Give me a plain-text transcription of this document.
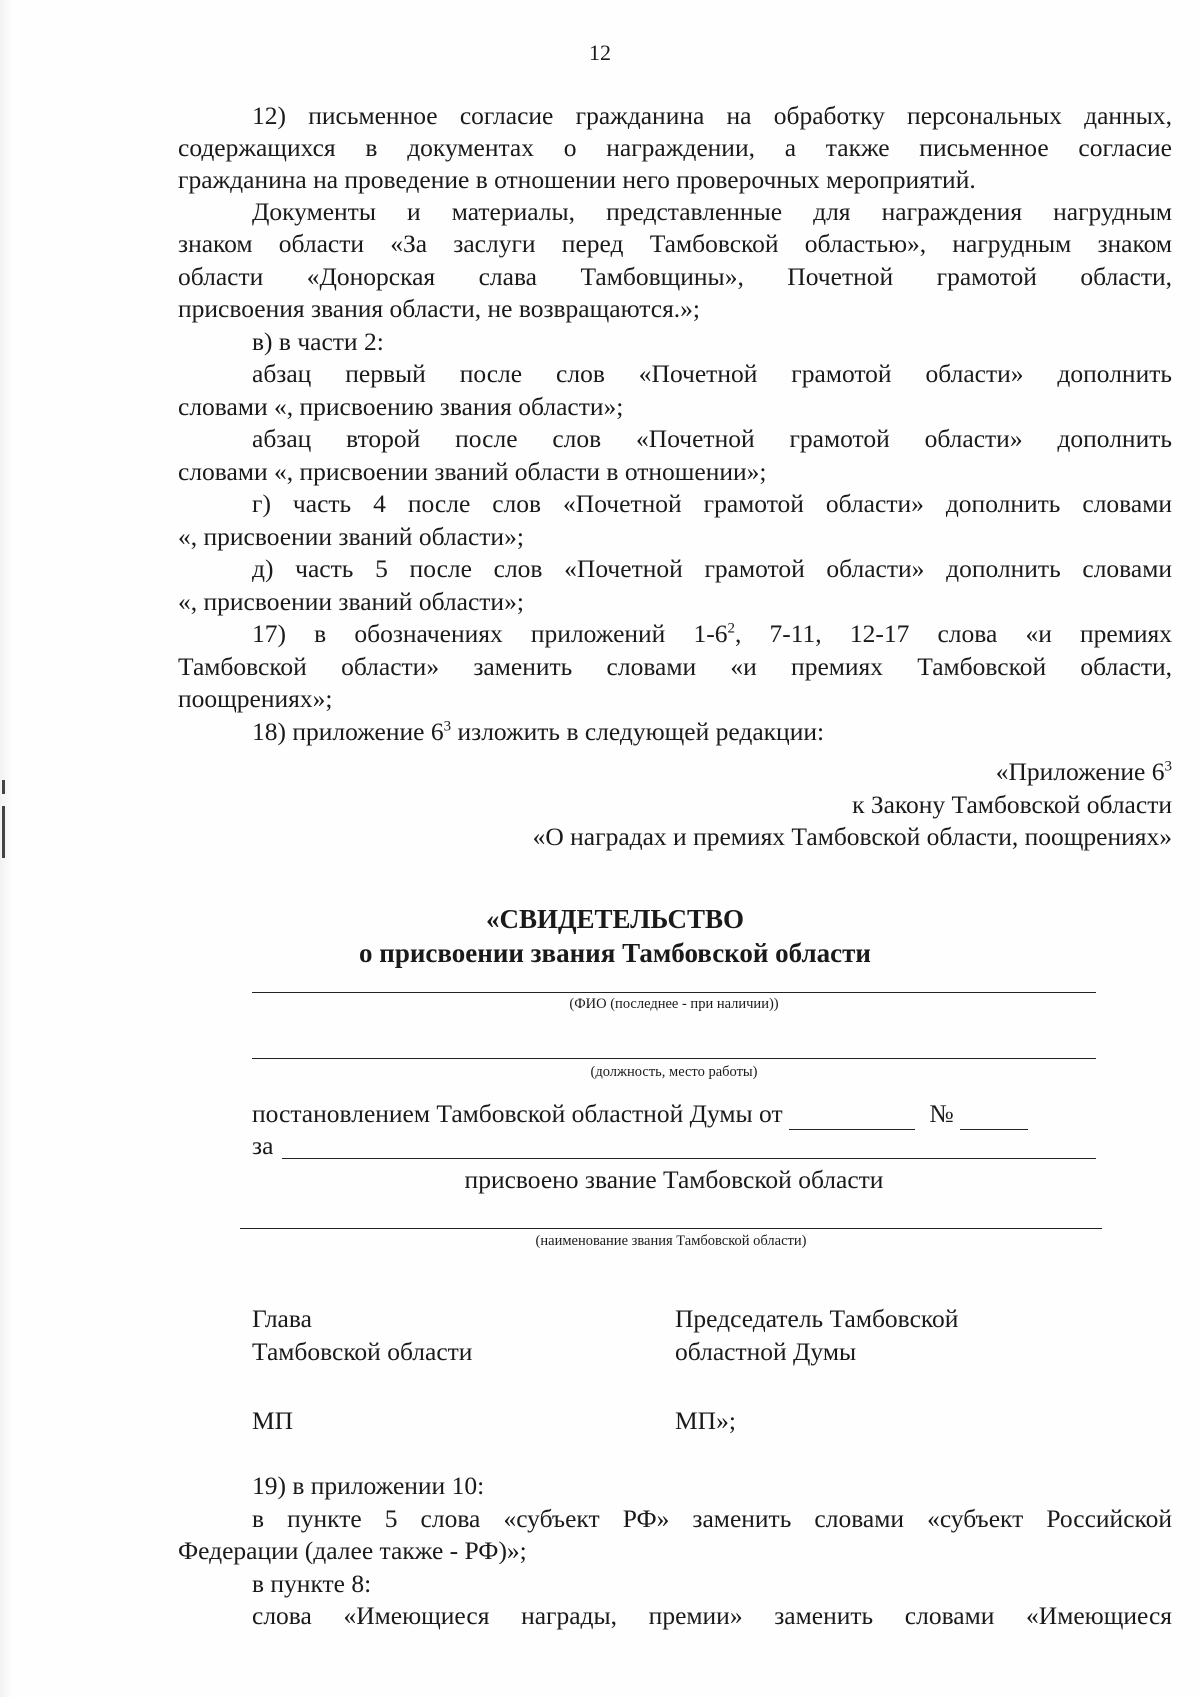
12
12) письменное согласие гражданина на обработку персональных данных,
содержащихся в документах о награждении, а также письменное согласие
гражданина на проведение в отношении него проверочных мероприятий.
Документы и материалы, представленные для награждения нагрудным
знаком области «За заслуги перед Тамбовской областью», нагрудным знаком
области «Донорская слава Тамбовщины», Почетной грамотой области,
присвоения звания области, не возвращаются.»;
в) в части 2:
абзац первый после слов «Почетной грамотой области» дополнить
словами «, присвоению звания области»;
абзац второй после слов «Почетной грамотой области» дополнить
словами «, присвоении званий области в отношении»;
г) часть 4 после слов «Почетной грамотой области» дополнить словами
«, присвоении званий области»;
д) часть 5 после слов «Почетной грамотой области» дополнить словами
«, присвоении званий области»;
17) в обозначениях приложений $1-6^2$, 7-11, 12-17 слова «и премиях
Тамбовской области» заменить словами «и премиях Тамбовской области,
поощрениях»;
18) приложение $6^3$ изложить в следующей редакции:
«Приложение $6^3$
к Закону Тамбовской области
«О наградах и премиях Тамбовской области, поощрениях»
«СВИДЕТЕЛЬСТВО
о присвоении звания Тамбовской области
(ФИО (последнее - при наличии))
(должность, место работы)
постановлением Тамбовской областной Думы от	№
за
присвоено звание Тамбовской области
(наименование звания Тамбовской области)
Глава
Тамбовской области
Председатель Тамбовской
областной Думы
МП	МП»;
19) в приложении 10:
в пункте 5 слова «субъект РФ» заменить словами «субъект Российской
Федерации (далее также - РФ)»;
в пункте 8:
слова «Имеющиеся награды, премии» заменить словами «Имеющиеся
